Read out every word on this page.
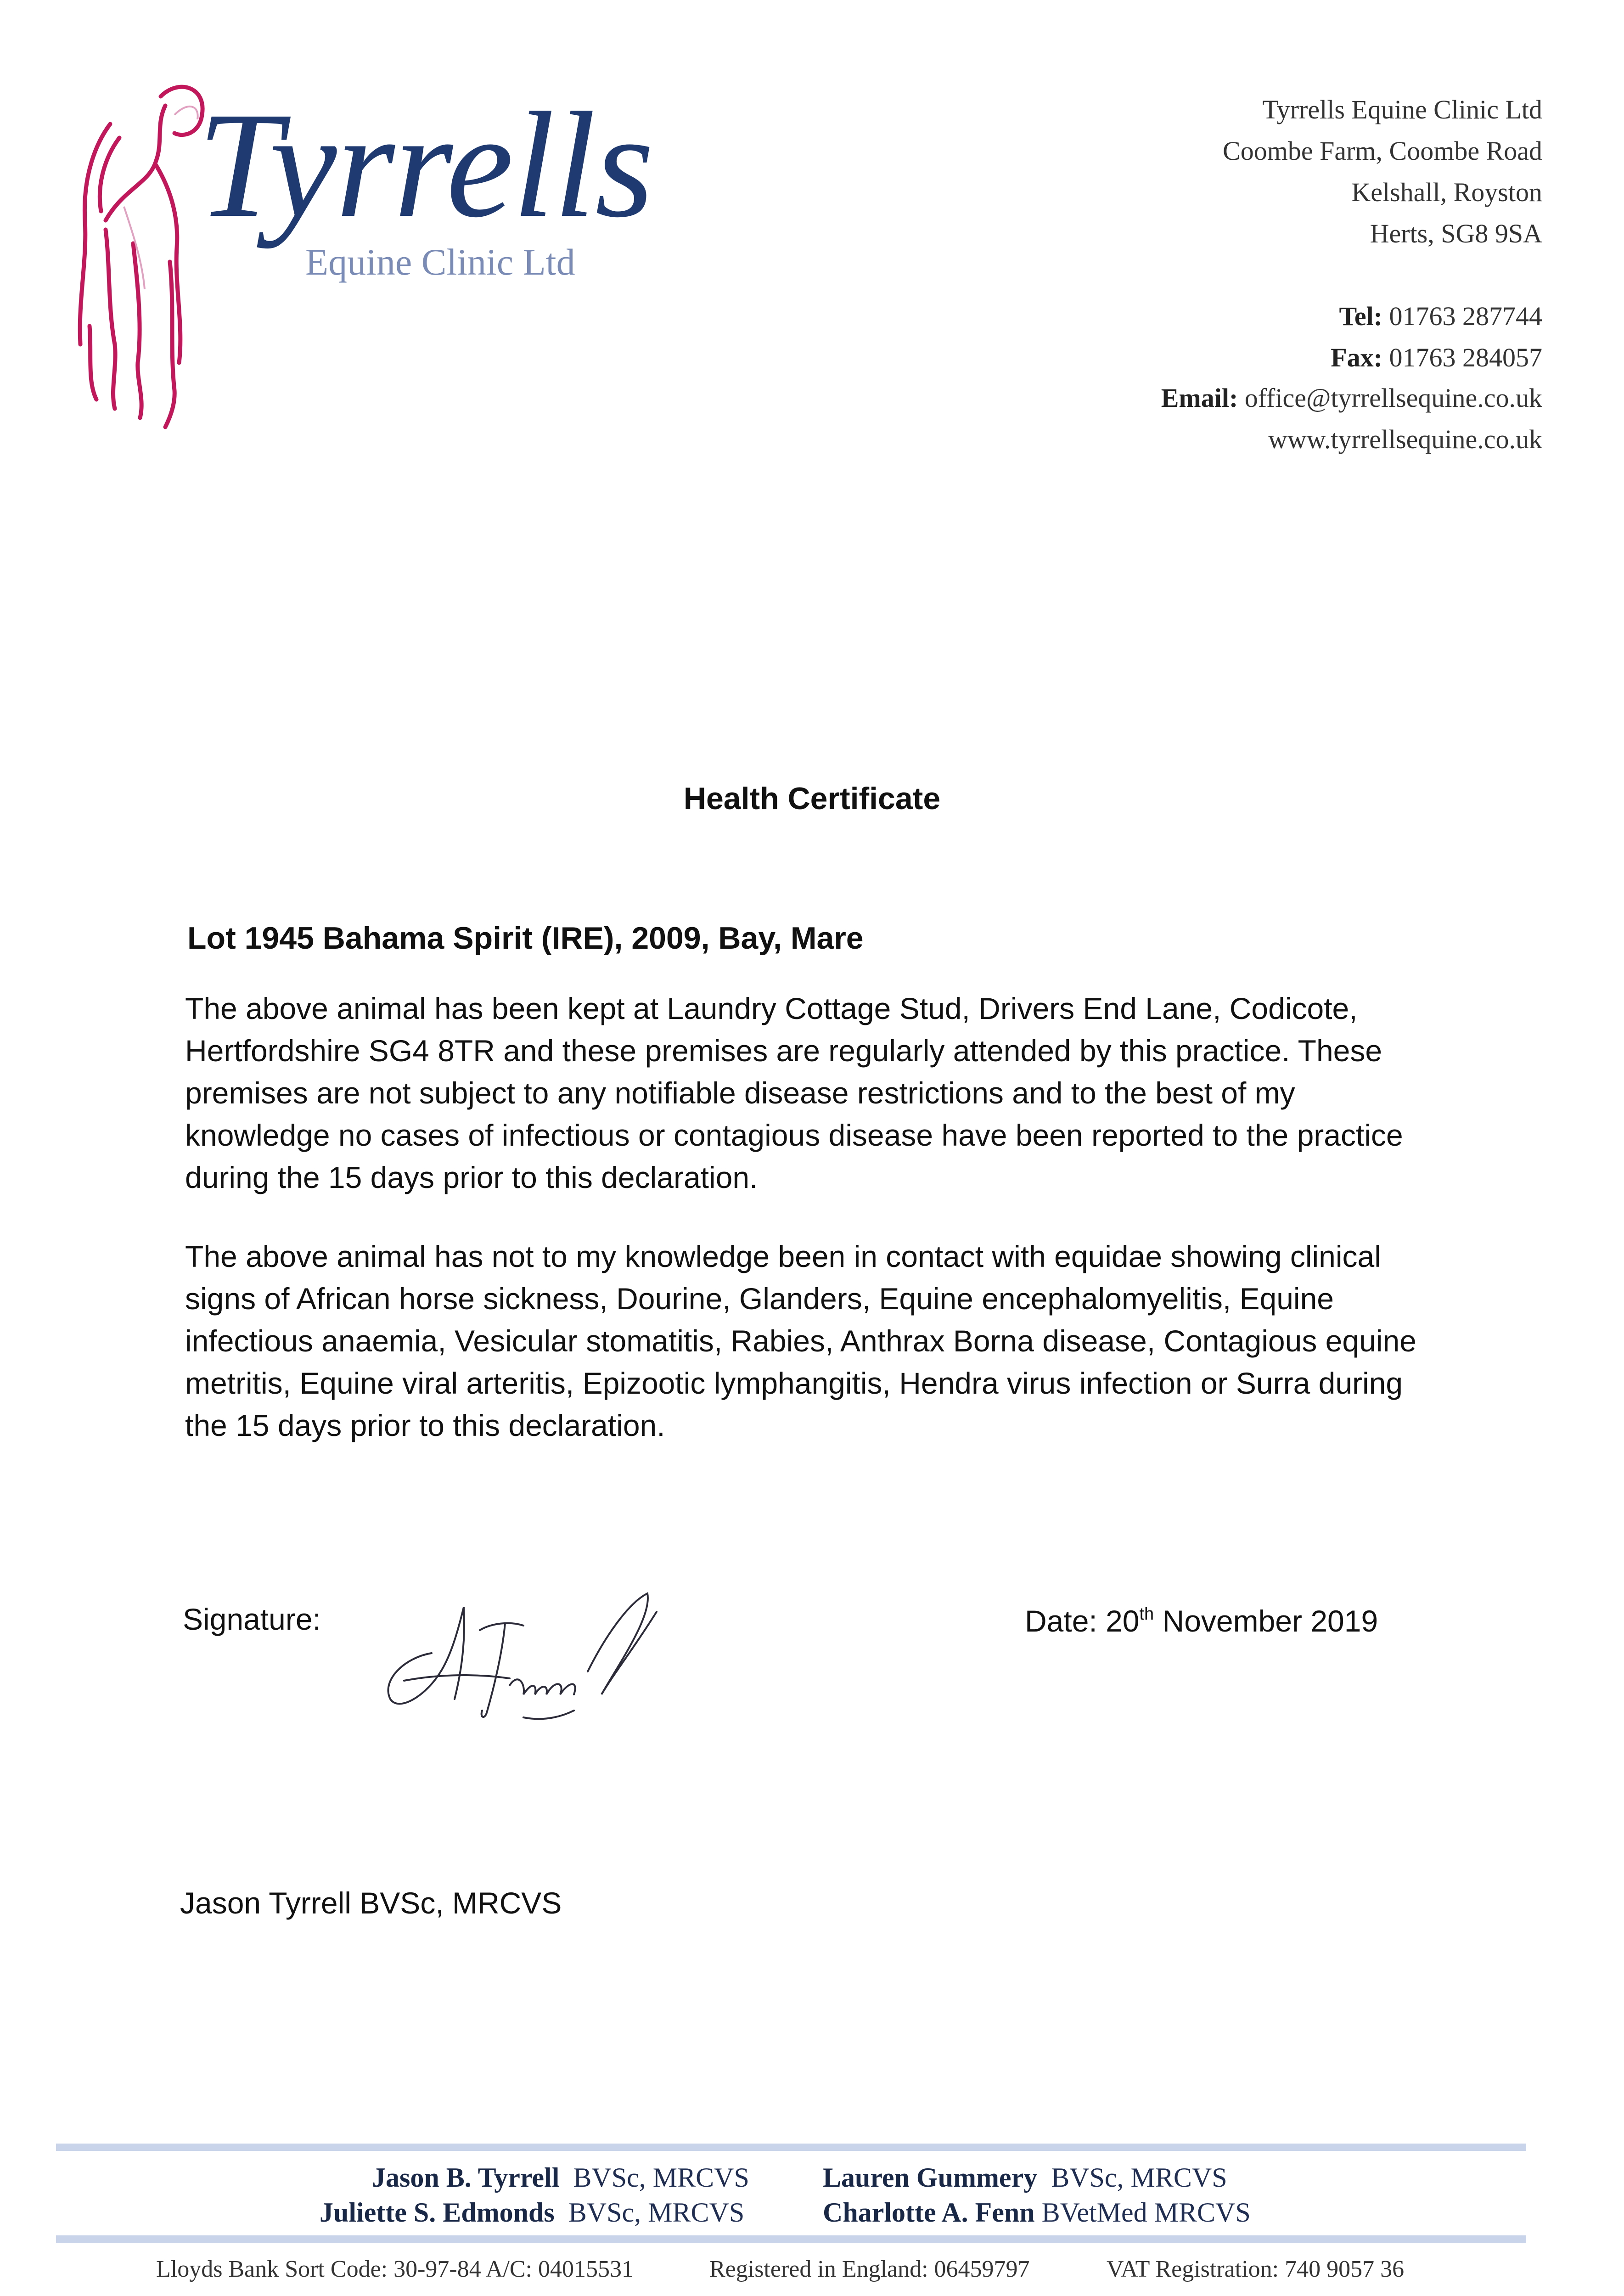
Tyrrells
Equine Clinic Ltd
Tyrrells Equine Clinic Ltd
Coombe Farm, Coombe Road
Kelshall, Royston
Herts, SG8 9SA
Tel: 01763 287744
Fax: 01763 284057
Email: office@tyrrellsequine.co.uk
www.tyrrellsequine.co.uk
Health Certificate
Lot 1945 Bahama Spirit (IRE), 2009, Bay, Mare
The above animal has been kept at Laundry Cottage Stud, Drivers End Lane, Codicote, Hertfordshire SG4 8TR and these premises are regularly attended by this practice. These premises are not subject to any notifiable disease restrictions and to the best of my knowledge no cases of infectious or contagious disease have been reported to the practice during the 15 days prior to this declaration.
The above animal has not to my knowledge been in contact with equidae showing clinical signs of African horse sickness, Dourine, Glanders, Equine encephalomyelitis, Equine infectious anaemia, Vesicular stomatitis, Rabies, Anthrax Borna disease, Contagious equine metritis, Equine viral arteritis, Epizootic lymphangitis, Hendra virus infection or Surra during the 15 days prior to this declaration.
Signature:	Date: 20th November 2019
Jason Tyrrell BVSc, MRCVS
Jason B. Tyrrell BVSc, MRCVS	Lauren Gummery BVSc, MRCVS
Juliette S. Edmonds BVSc, MRCVS	Charlotte A. Fenn BVetMed MRCVS
Lloyds Bank Sort Code: 30-97-84 A/C: 04015531	Registered in England: 06459797	VAT Registration: 740 9057 36
